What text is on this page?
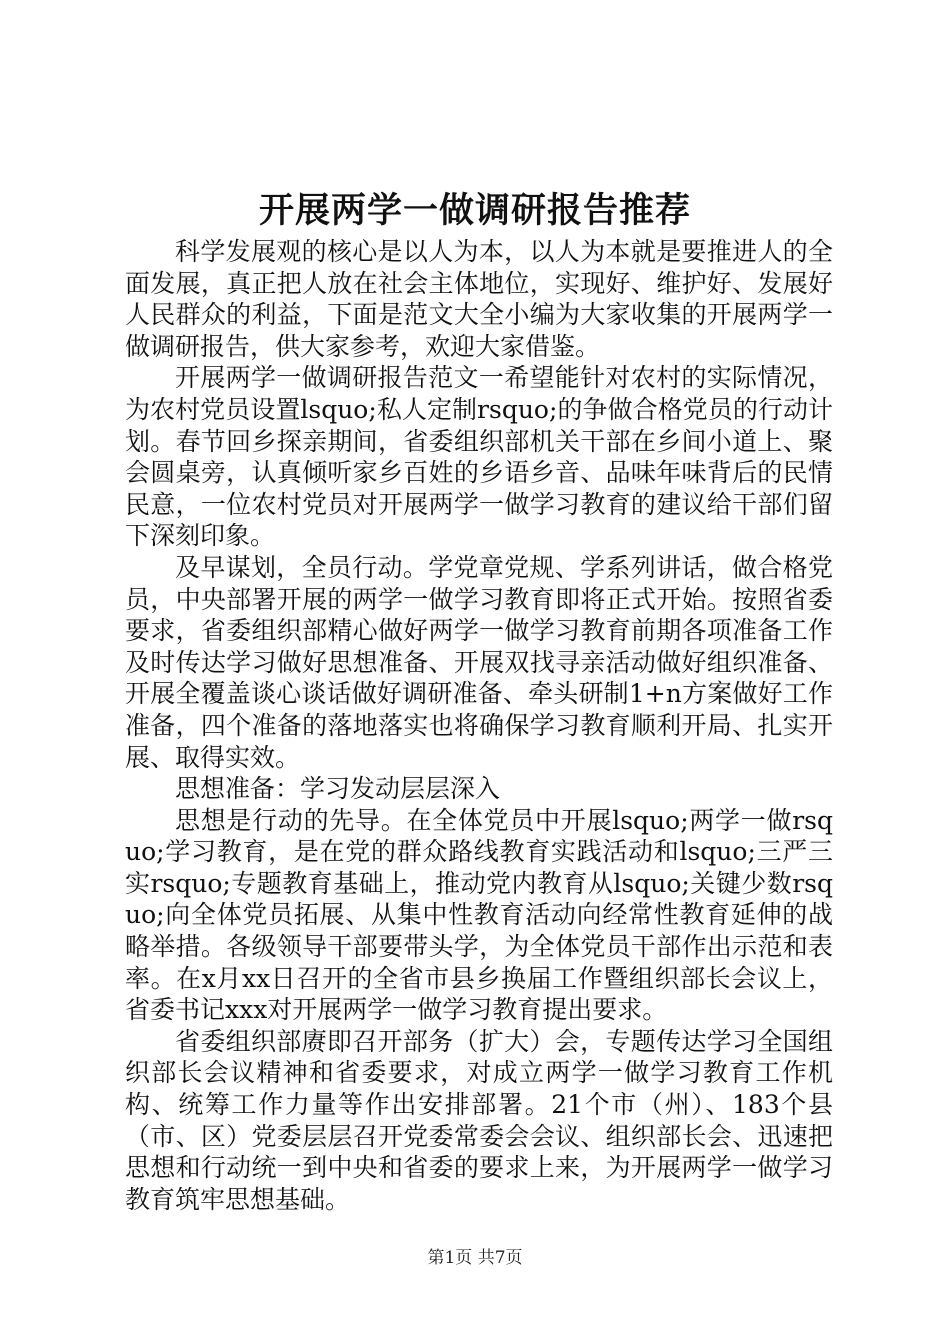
开展两学一做调研报告推荐

科学发展观的核心是以人为本，以人为本就是要推进人的全面发展，真正把人放在社会主体地位，实现好、维护好、发展好人民群众的利益，下面是范文大全小编为大家收集的开展两学一做调研报告，供大家参考，欢迎大家借鉴。

开展两学一做调研报告范文一希望能针对农村的实际情况，为农村党员设置lsquo;私人定制rsquo;的争做合格党员的行动计划。春节回乡探亲期间，省委组织部机关干部在乡间小道上、聚会圆桌旁，认真倾听家乡百姓的乡语乡音、品味年味背后的民情民意，一位农村党员对开展两学一做学习教育的建议给干部们留下深刻印象。

及早谋划，全员行动。学党章党规、学系列讲话，做合格党员，中央部署开展的两学一做学习教育即将正式开始。按照省委要求，省委组织部精心做好两学一做学习教育前期各项准备工作及时传达学习做好思想准备、开展双找寻亲活动做好组织准备、开展全覆盖谈心谈话做好调研准备、牵头研制1+n方案做好工作准备，四个准备的落地落实也将确保学习教育顺利开局、扎实开展、取得实效。

思想准备：学习发动层层深入

思想是行动的先导。在全体党员中开展lsquo;两学一做rsquo;学习教育，是在党的群众路线教育实践活动和lsquo;三严三实rsquo;专题教育基础上，推动党内教育从lsquo;关键少数rsquo;向全体党员拓展、从集中性教育活动向经常性教育延伸的战略举措。各级领导干部要带头学，为全体党员干部作出示范和表率。在x月xx日召开的全省市县乡换届工作暨组织部长会议上，省委书记xxx对开展两学一做学习教育提出要求。

省委组织部赓即召开部务（扩大）会，专题传达学习全国组织部长会议精神和省委要求，对成立两学一做学习教育工作机构、统筹工作力量等作出安排部署。21个市（州）、183个县（市、区）党委层层召开党委常委会会议、组织部长会、迅速把思想和行动统一到中央和省委的要求上来，为开展两学一做学习教育筑牢思想基础。

第1页 共7页
